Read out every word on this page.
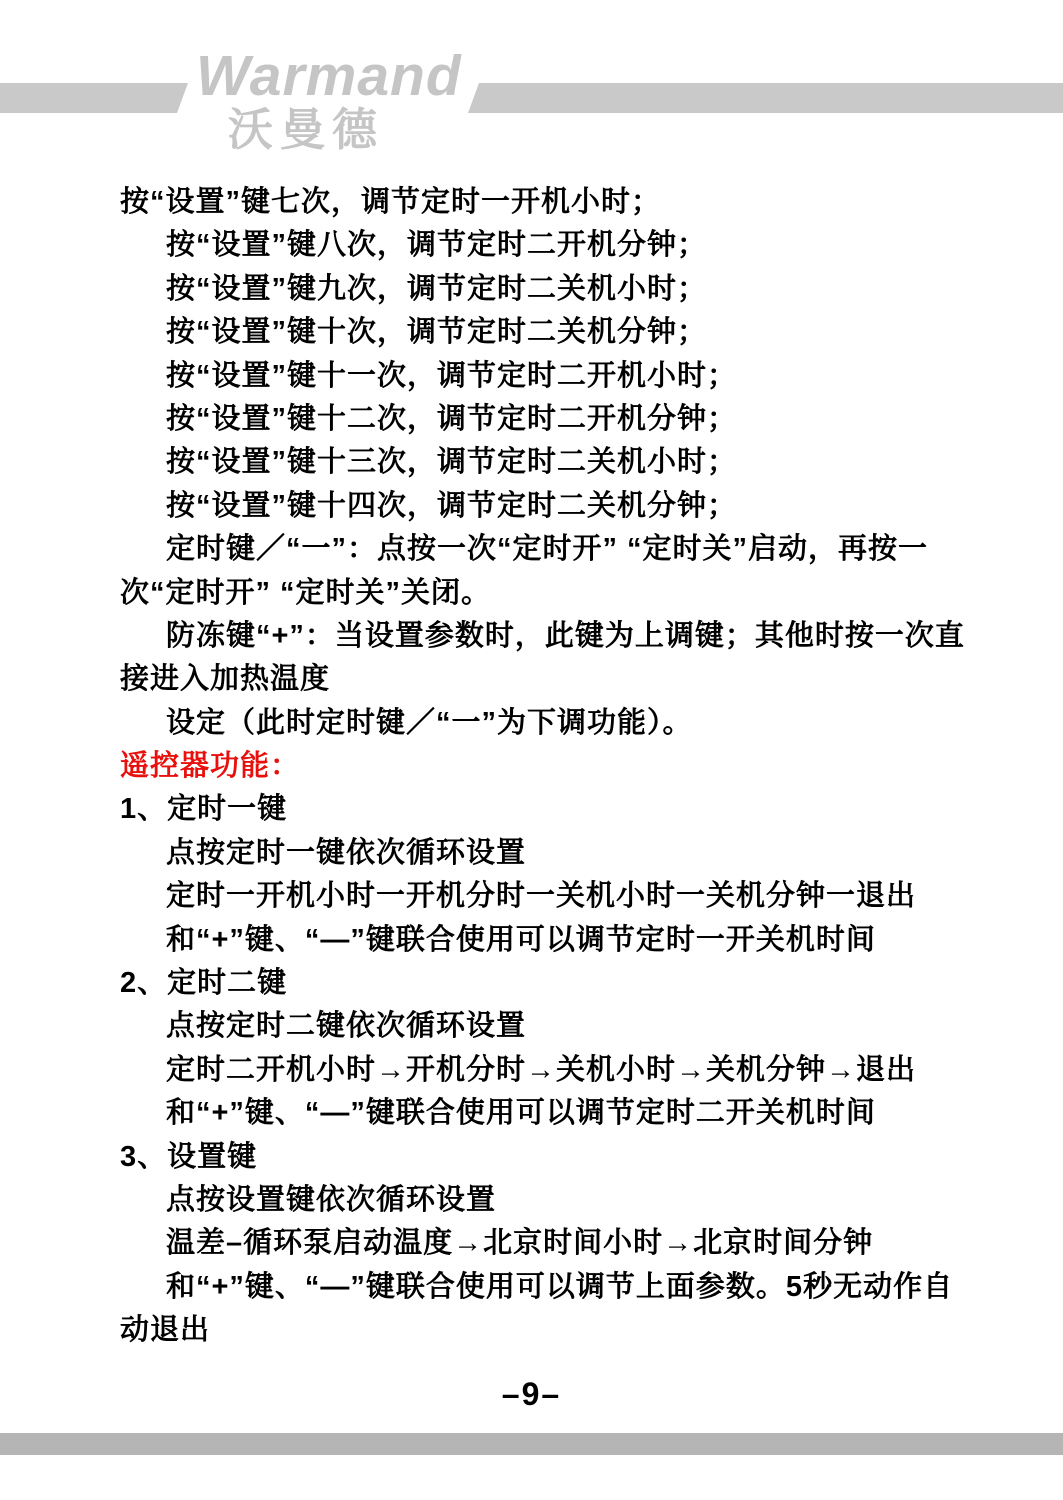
Warmand
沃曼德
按“设置”键七次，调节定时一开机小时；
按“设置”键八次，调节定时二开机分钟；
按“设置”键九次，调节定时二关机小时；
按“设置”键十次，调节定时二关机分钟；
按“设置”键十一次，调节定时二开机小时；
按“设置”键十二次，调节定时二开机分钟；
按“设置”键十三次，调节定时二关机小时；
按“设置”键十四次，调节定时二关机分钟；
定时键／“一”：点按一次“定时开” “定时关”启动，再按一
次“定时开” “定时关”关闭。
防冻键“+”：当设置参数时，此键为上调键；其他时按一次直
接进入加热温度
设定（此时定时键／“一”为下调功能）。
遥控器功能：
1、定时一键
点按定时一键依次循环设置
定时一开机小时一开机分时一关机小时一关机分钟一退出
和“+”键、“—”键联合使用可以调节定时一开关机时间
2、定时二键
点按定时二键依次循环设置
定时二开机小时→开机分时→关机小时→关机分钟→退出
和“+”键、“—”键联合使用可以调节定时二开关机时间
3、设置键
点按设置键依次循环设置
温差–循环泵启动温度→北京时间小时→北京时间分钟
和“+”键、“—”键联合使用可以调节上面参数。5秒无动作自
动退出
–9–
